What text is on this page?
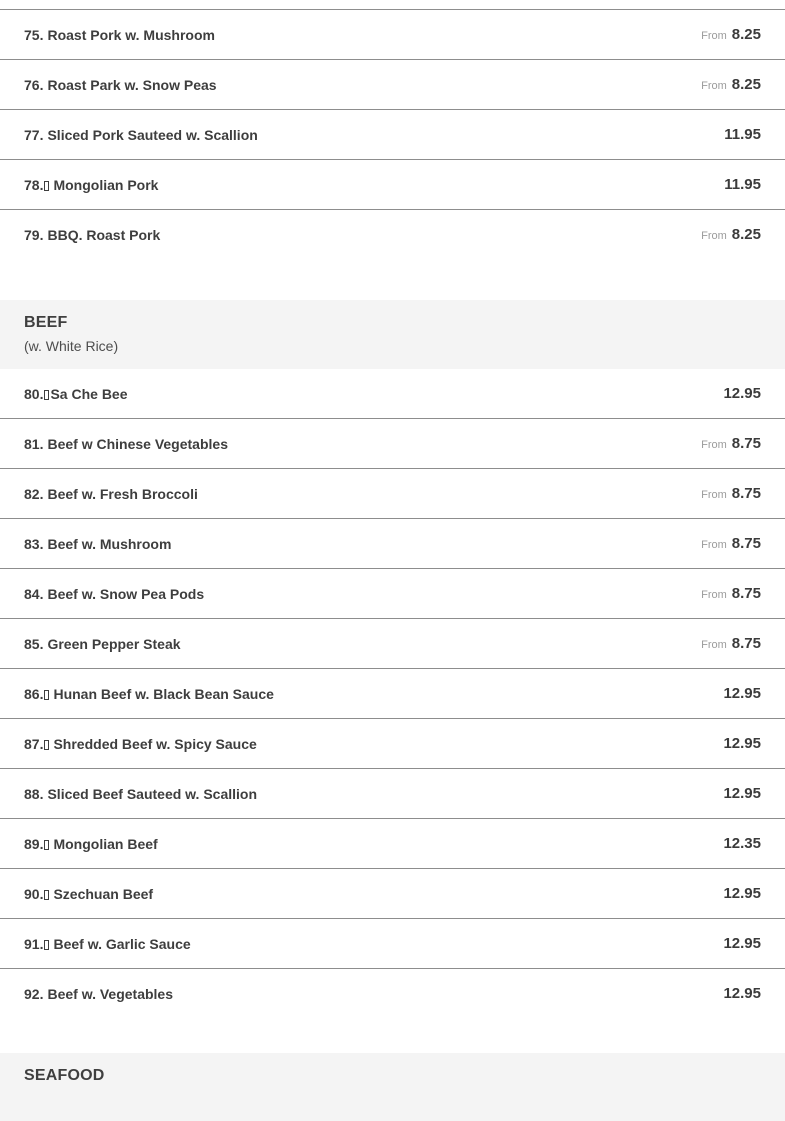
75. Roast Pork w. Mushroom	From 8.25
76. Roast Park w. Snow Peas	From 8.25
77. Sliced Pork Sauteed w. Scallion	11.95
78. Mongolian Pork	11.95
79. BBQ. Roast Pork	From 8.25
BEEF
(w. White Rice)
80. Sa Che Bee	12.95
81. Beef w Chinese Vegetables	From 8.75
82. Beef w. Fresh Broccoli	From 8.75
83. Beef w. Mushroom	From 8.75
84. Beef w. Snow Pea Pods	From 8.75
85. Green Pepper Steak	From 8.75
86. Hunan Beef w. Black Bean Sauce	12.95
87. Shredded Beef w. Spicy Sauce	12.95
88. Sliced Beef Sauteed w. Scallion	12.95
89. Mongolian Beef	12.35
90. Szechuan Beef	12.95
91. Beef w. Garlic Sauce	12.95
92. Beef w. Vegetables	12.95
SEAFOOD
